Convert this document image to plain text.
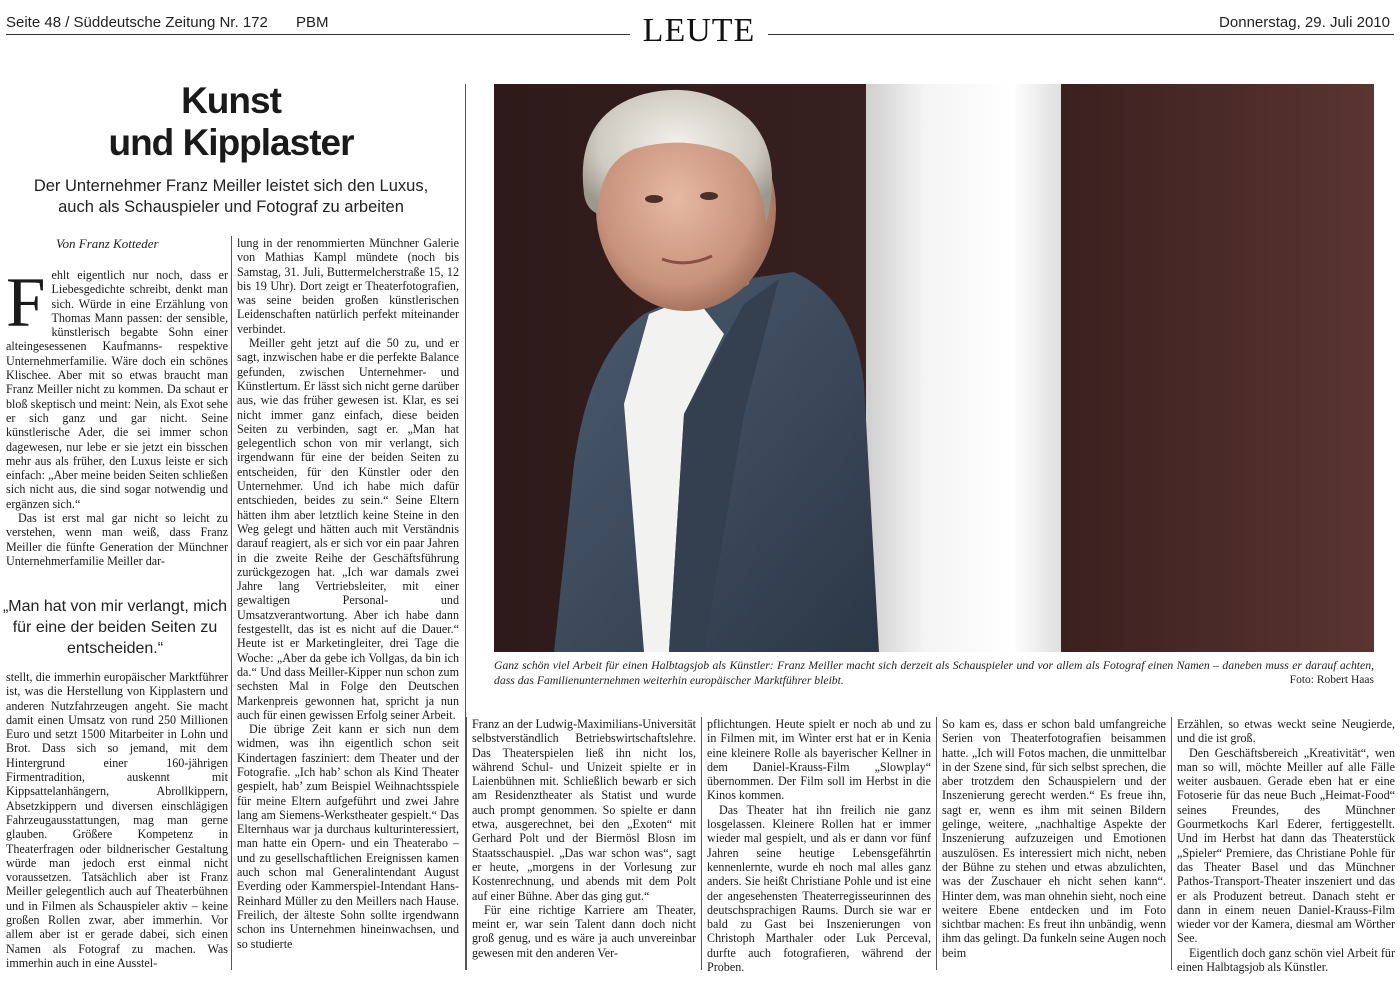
Seite 48 / Süddeutsche Zeitung Nr. 172 PBM	LEUTE	Donnerstag, 29. Juli 2010
Kunst
und Kipplaster
Der Unternehmer Franz Meiller leistet sich den Luxus,
auch als Schauspieler und Fotograf zu arbeiten
Von Franz Kotteder

Fehlt eigentlich nur noch, dass er Liebesgedichte schreibt, denkt man sich. Würde in eine Erzählung von Thomas Mann passen: der sensible, künstlerisch begabte Sohn einer alteingesessenen Kaufmanns- respektive Unternehmerfamilie. Wäre doch ein schönes Klischee. Aber mit so etwas braucht man Franz Meiller nicht zu kommen. Da schaut er bloß skeptisch und meint: Nein, als Exot sehe er sich ganz und gar nicht. Seine künstlerische Ader, die sei immer schon dagewesen, nur lebe er sie jetzt ein bisschen mehr aus als früher, den Luxus leiste er sich einfach: „Aber meine beiden Seiten schließen sich nicht aus, die sind sogar notwendig und ergänzen sich.“

Das ist erst mal gar nicht so leicht zu verstehen, wenn man weiß, dass Franz Meiller die fünfte Generation der Münchner Unternehmerfamilie Meiller dar-

„Man hat von mir verlangt, mich für eine der beiden Seiten zu entscheiden.“

stellt, die immerhin europäischer Marktführer ist, was die Herstellung von Kipplastern und anderen Nutzfahrzeugen angeht. Sie macht damit einen Umsatz von rund 250 Millionen Euro und setzt 1500 Mitarbeiter in Lohn und Brot. Dass sich so jemand, mit dem Hintergrund einer 160-jährigen Firmentradition, auskennt mit Kippsattelanhängern, Abrollkippern, Absetzkippern und diversen einschlägigen Fahrzeugausstattungen, mag man gerne glauben. Größere Kompetenz in Theaterfragen oder bildnerischer Gestaltung würde man jedoch erst einmal nicht voraussetzen. Tatsächlich aber ist Franz Meiller gelegentlich auch auf Theaterbühnen und in Filmen als Schauspieler aktiv – keine großen Rollen zwar, aber immerhin. Vor allem aber ist er gerade dabei, sich einen Namen als Fotograf zu machen. Was immerhin auch in eine Ausstel-

lung in der renommierten Münchner Galerie von Mathias Kampl mündete (noch bis Samstag, 31. Juli, Buttermelcherstraße 15, 12 bis 19 Uhr). Dort zeigt er Theaterfotografien, was seine beiden großen künstlerischen Leidenschaften natürlich perfekt miteinander verbindet.

Meiller geht jetzt auf die 50 zu, und er sagt, inzwischen habe er die perfekte Balance gefunden, zwischen Unternehmer- und Künstlertum. Er lässt sich nicht gerne darüber aus, wie das früher gewesen ist. Klar, es sei nicht immer ganz einfach, diese beiden Seiten zu verbinden, sagt er. „Man hat gelegentlich schon von mir verlangt, sich irgendwann für eine der beiden Seiten zu entscheiden, für den Künstler oder den Unternehmer. Und ich habe mich dafür entschieden, beides zu sein.“ Seine Eltern hätten ihm aber letztlich keine Steine in den Weg gelegt und hätten auch mit Verständnis darauf reagiert, als er sich vor ein paar Jahren in die zweite Reihe der Geschäftsführung zurückgezogen hat. „Ich war damals zwei Jahre lang Vertriebsleiter, mit einer gewaltigen Personal- und Umsatzverantwortung. Aber ich habe dann festgestellt, das ist es nicht auf die Dauer.“ Heute ist er Marketingleiter, drei Tage die Woche: „Aber da gebe ich Vollgas, da bin ich da.“ Und dass Meiller-Kipper nun schon zum sechsten Mal in Folge den Deutschen Markenpreis gewonnen hat, spricht ja nun auch für einen gewissen Erfolg seiner Arbeit.

Die übrige Zeit kann er sich nun dem widmen, was ihn eigentlich schon seit Kindertagen fasziniert: dem Theater und der Fotografie. „Ich hab’ schon als Kind Theater gespielt, hab’ zum Beispiel Weihnachtsspiele für meine Eltern aufgeführt und zwei Jahre lang am Siemens-Werkstheater gespielt.“ Das Elternhaus war ja durchaus kulturinteressiert, man hatte ein Opern- und ein Theaterabo – und zu gesellschaftlichen Ereignissen kamen auch schon mal Generalintendant August Everding oder Kammerspiel-Intendant Hans-Reinhard Müller zu den Meillers nach Hause. Freilich, der älteste Sohn sollte irgendwann schon ins Unternehmen hineinwachsen, und so studierte

Ganz schön viel Arbeit für einen Halbtagsjob als Künstler: Franz Meiller macht sich derzeit als Schauspieler und vor allem als Fotograf einen Namen – daneben muss er darauf achten, dass das Familienunternehmen weiterhin europäischer Marktführer bleibt.	Foto: Robert Haas

Franz an der Ludwig-Maximilians-Universität selbstverständlich Betriebswirtschaftslehre. Das Theaterspielen ließ ihn nicht los, während Schul- und Unizeit spielte er in Laienbühnen mit. Schließlich bewarb er sich am Residenztheater als Statist und wurde auch prompt genommen. So spielte er dann etwa, ausgerechnet, bei den „Exoten“ mit Gerhard Polt und der Biermösl Blosn im Staatsschauspiel. „Das war schon was“, sagt er heute, „morgens in der Vorlesung zur Kostenrechnung, und abends mit dem Polt auf einer Bühne. Aber das ging gut.“

Für eine richtige Karriere am Theater, meint er, war sein Talent dann doch nicht groß genug, und es wäre ja auch unvereinbar gewesen mit den anderen Ver-

pflichtungen. Heute spielt er noch ab und zu in Filmen mit, im Winter erst hat er in Kenia eine kleinere Rolle als bayerischer Kellner in dem Daniel-Krauss-Film „Slowplay“ übernommen. Der Film soll im Herbst in die Kinos kommen.

Das Theater hat ihn freilich nie ganz losgelassen. Kleinere Rollen hat er immer wieder mal gespielt, und als er dann vor fünf Jahren seine heutige Lebensgefährtin kennenlernte, wurde eh noch mal alles ganz anders. Sie heißt Christiane Pohle und ist eine der angesehensten Theaterregisseurinnen des deutschsprachigen Raums. Durch sie war er bald zu Gast bei Inszenierungen von Christoph Marthaler oder Luk Perceval, durfte auch fotografieren, während der Proben.

So kam es, dass er schon bald umfangreiche Serien von Theaterfotografien beisammen hatte. „Ich will Fotos machen, die unmittelbar in der Szene sind, für sich selbst sprechen, die aber trotzdem den Schauspielern und der Inszenierung gerecht werden.“ Es freue ihn, sagt er, wenn es ihm mit seinen Bildern gelinge, weitere, „nachhaltige Aspekte der Inszenierung aufzuzeigen und Emotionen auszulösen. Es interessiert mich nicht, neben der Bühne zu stehen und etwas abzulichten, was der Zuschauer eh nicht sehen kann“. Hinter dem, was man ohnehin sieht, noch eine weitere Ebene entdecken und im Foto sichtbar machen: Es freut ihn unbändig, wenn ihm das gelingt. Da funkeln seine Augen noch beim

Erzählen, so etwas weckt seine Neugierde, und die ist groß.

Den Geschäftsbereich „Kreativität“, wen man so will, möchte Meiller auf alle Fälle weiter ausbauen. Gerade eben hat er eine Fotoserie für das neue Buch „Heimat-Food“ seines Freundes, des Münchner Gourmetkochs Karl Ederer, fertiggestellt. Und im Herbst hat dann das Theaterstück „Spieler“ Premiere, das Christiane Pohle für das Theater Basel und das Münchner Pathos-Transport-Theater inszeniert und das er als Produzent betreut. Danach steht er dann in einem neuen Daniel-Krauss-Film wieder vor der Kamera, diesmal am Wörther See.

Eigentlich doch ganz schön viel Arbeit für einen Halbtagsjob als Künstler.
